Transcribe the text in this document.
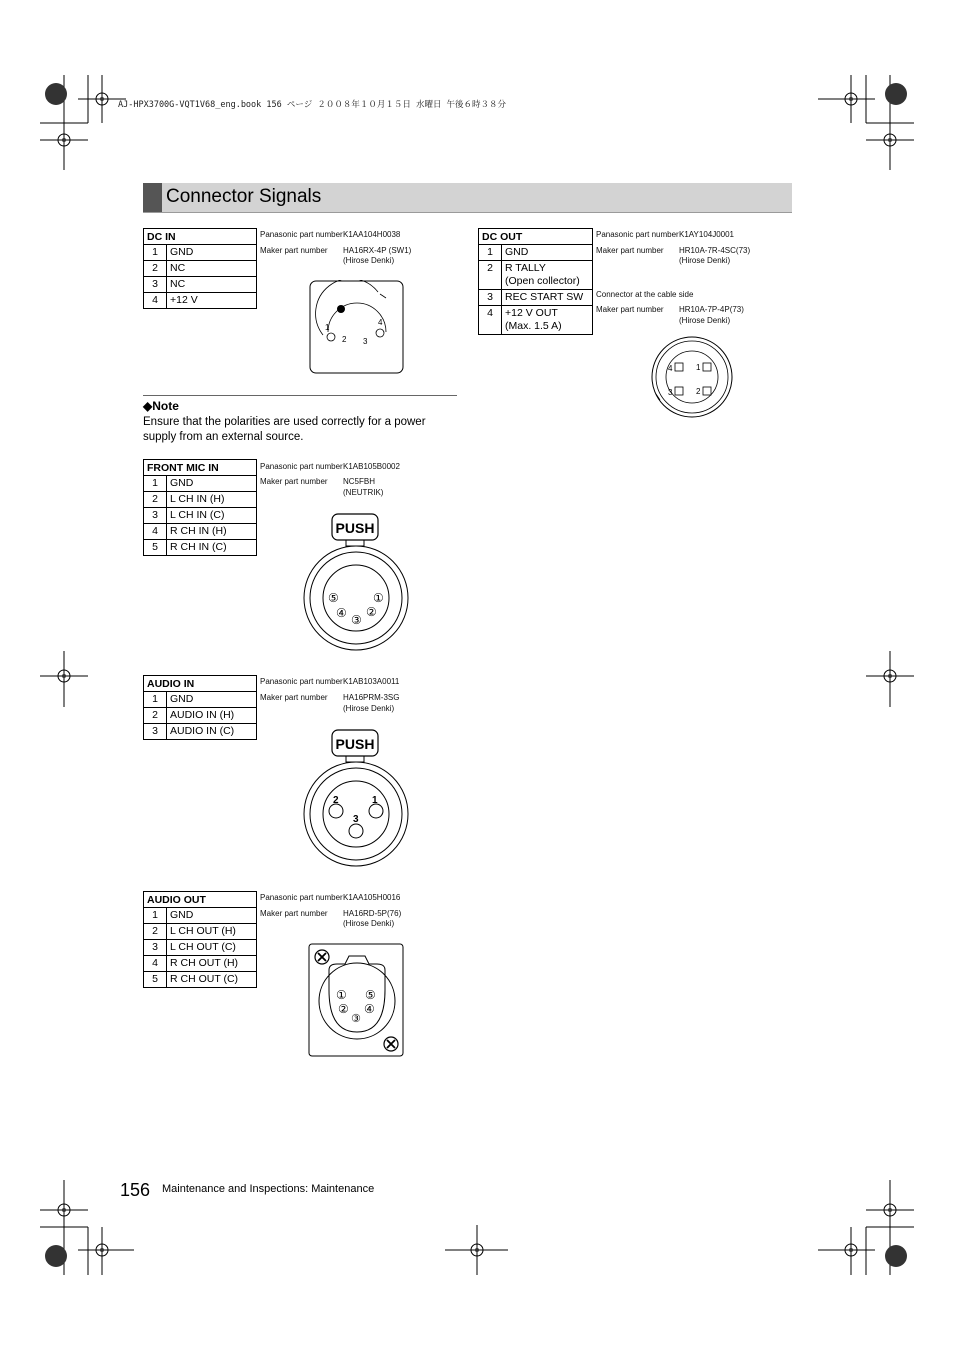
AJ-HPX3700G-VQT1V68_eng.book 156 ページ ２００８年１０月１５日 水曜日 午後６時３８分
Connector Signals
DC IN	
1	GND
2	NC
3	NC
4	+12 V
Panasonic part number K1AA104H0038
Maker part number HA16RX-4P (SW1)
(Hirose Denki)
1
2 3
4
DC OUT	
1	GND
2	R TALLY
(Open collector)

3	REC START SW
4	+12 V OUT
(Max. 1.5 A)
Panasonic part number K1AY104J0001
Maker part number HR10A-7R-4SC(73)
(Hirose Denki)
Connector at the cable side
Maker part number HR10A-7P-4P(73)
(Hirose Denki)
4	1
3	2
◆Note
Ensure that the polarities are used correctly for a power supply from an external source.
FRONT MIC IN	
1	GND
2	L CH IN (H)
3	L CH IN (C)
4	R CH IN (H)
5	R CH IN (C)
Panasonic part number K1AB105B0002
Maker part number NC5FBH
(NEUTRIK)
PUSH
⑤	①
④ ②
③
AUDIO IN	
1	GND
2	AUDIO IN (H)
3	AUDIO IN (C)
Panasonic part number K1AB103A0011
Maker part number HA16PRM-3SG
(Hirose Denki)
PUSH
2	1
3
AUDIO OUT	
1	GND
2	L CH OUT (H)
3	L CH OUT (C)
4	R CH OUT (H)
5	R CH OUT (C)
Panasonic part number K1AA105H0016
Maker part number HA16RD-5P(76)
(Hirose Denki)
① ⑤
② ④
③
156 Maintenance and Inspections: Maintenance
